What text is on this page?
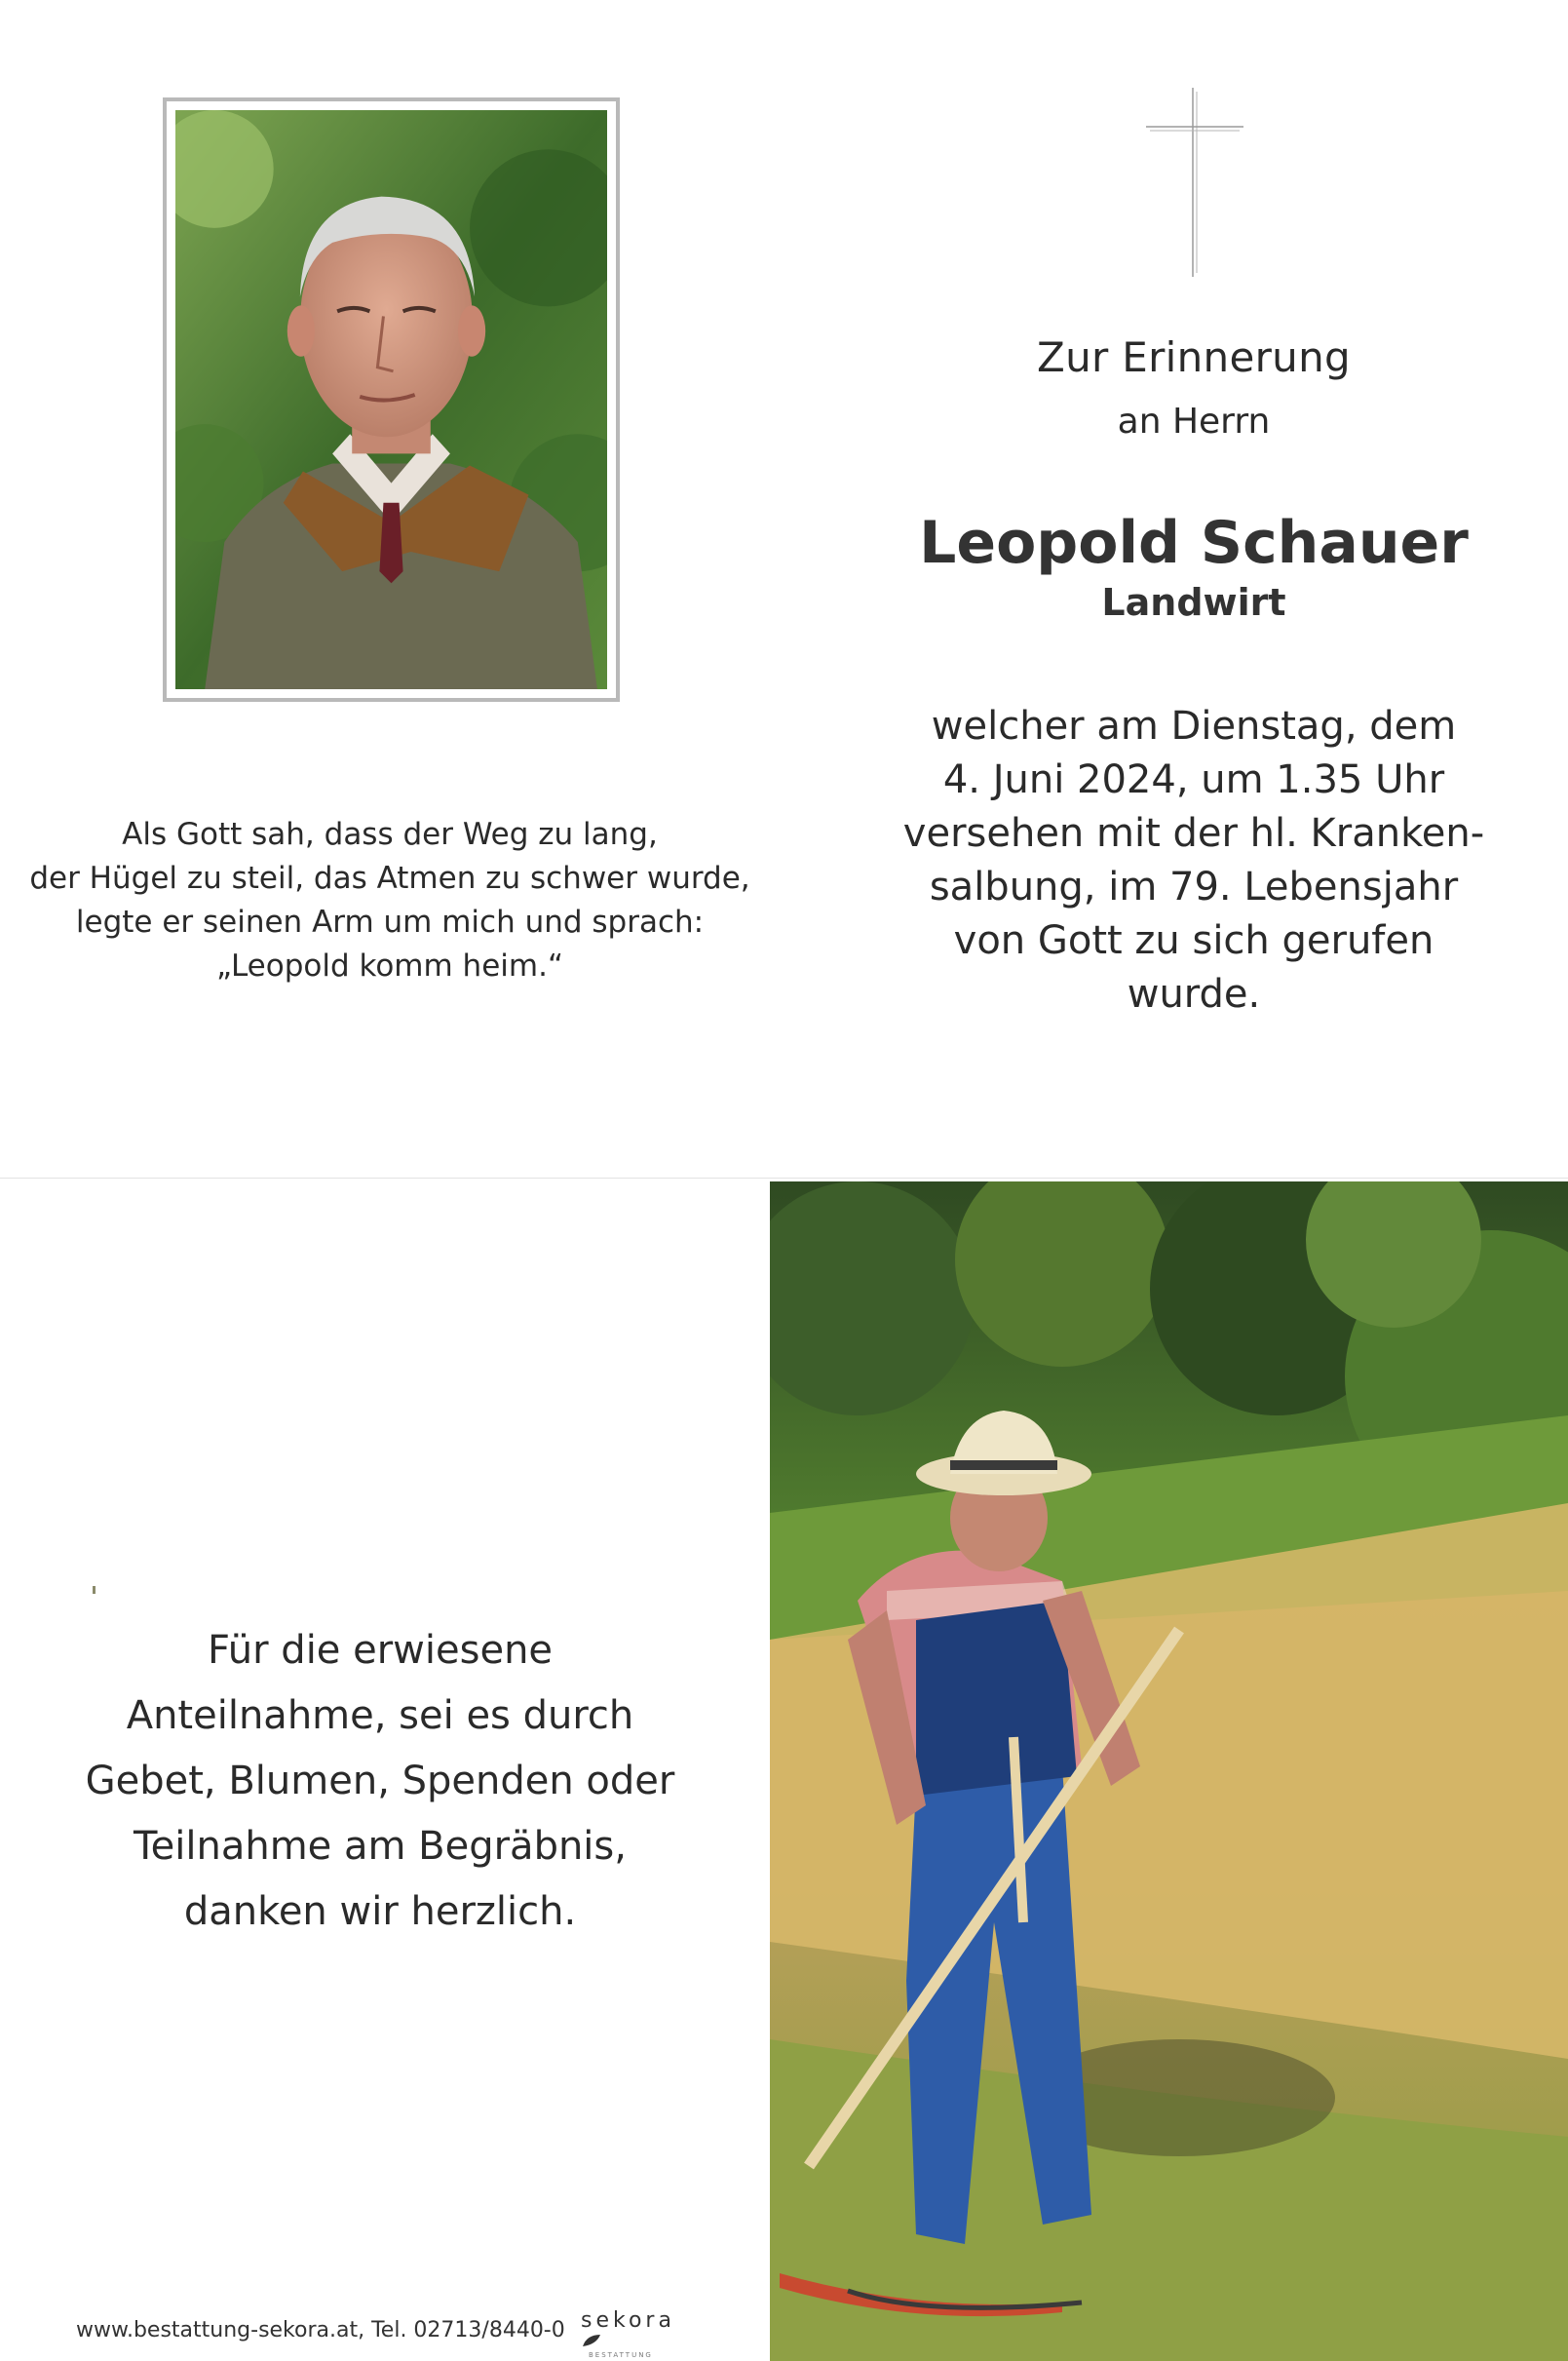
Zur Erinnerung
an Herrn
Leopold Schauer
Landwirt
welcher am Dienstag, dem
4. Juni 2024, um 1.35 Uhr
versehen mit der hl. Kranken-
salbung, im 79. Lebensjahr
von Gott zu sich gerufen
wurde.
Als Gott sah, dass der Weg zu lang,
der Hügel zu steil, das Atmen zu schwer wurde,
legte er seinen Arm um mich und sprach:
„Leopold komm heim.“
Für die erwiesene
Anteilnahme, sei es durch
Gebet, Blumen, Spenden oder
Teilnahme am Begräbnis,
danken wir herzlich.
www.bestattung-sekora.at, Tel. 02713/8440-0 sekora
BESTATTUNG
